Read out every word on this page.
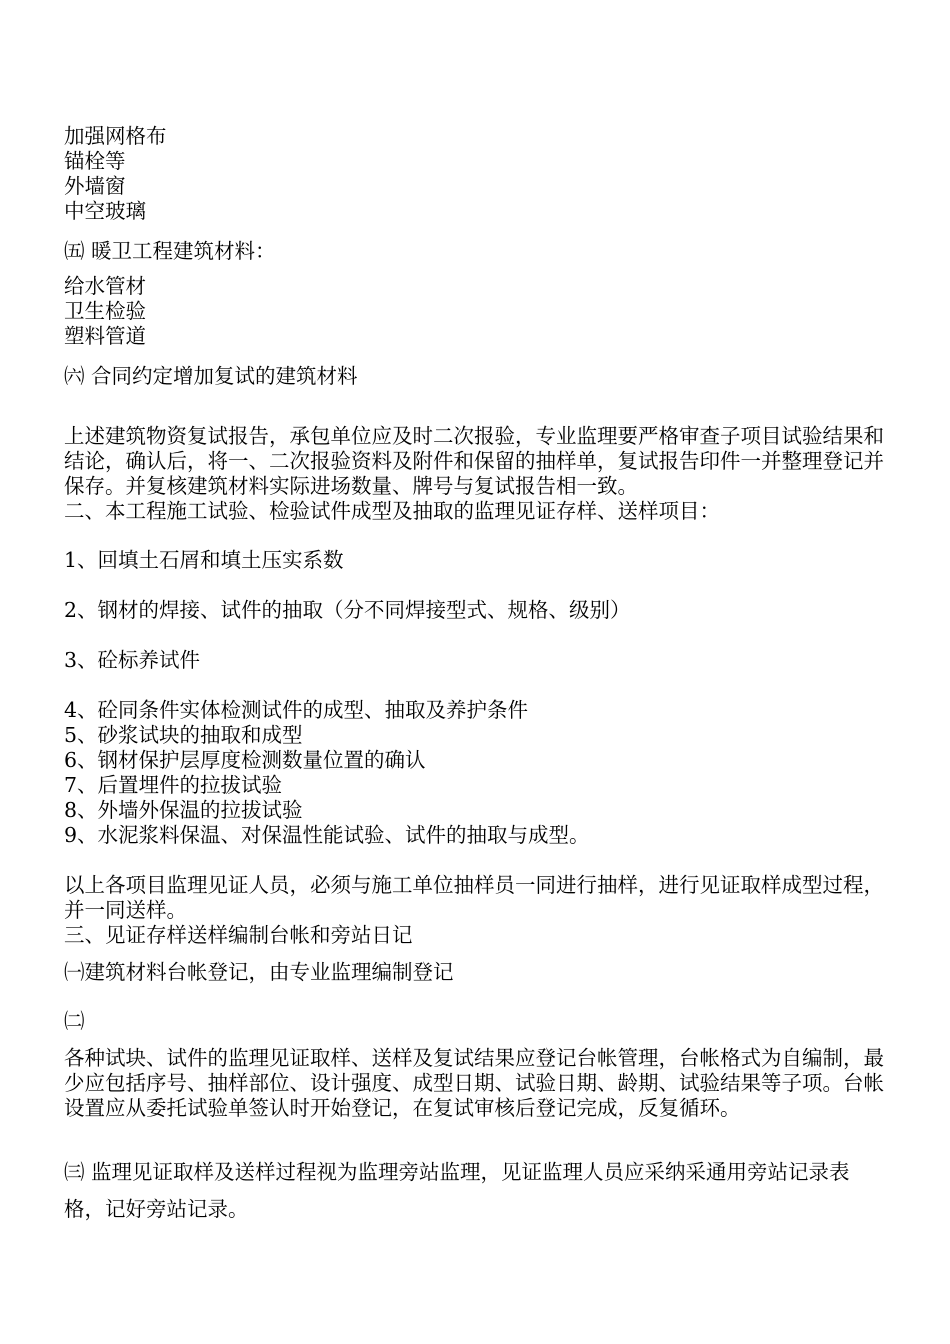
加强网格布
锚栓等
外墙窗
中空玻璃
㈤ 暖卫工程建筑材料：
给水管材
卫生检验
塑料管道
㈥ 合同约定增加复试的建筑材料
上述建筑物资复试报告，承包单位应及时二次报验，专业监理要严格审查子项目试验结果和结论，确认后，将一、二次报验资料及附件和保留的抽样单，复试报告印件一并整理登记并保存。并复核建筑材料实际进场数量、牌号与复试报告相一致。
二、本工程施工试验、检验试件成型及抽取的监理见证存样、送样项目：
1、回填土石屑和填土压实系数
2、钢材的焊接、试件的抽取（分不同焊接型式、规格、级别）
3、砼标养试件
4、砼同条件实体检测试件的成型、抽取及养护条件
5、砂浆试块的抽取和成型
6、钢材保护层厚度检测数量位置的确认
7、后置埋件的拉拔试验
8、外墙外保温的拉拔试验
9、水泥浆料保温、对保温性能试验、试件的抽取与成型。
以上各项目监理见证人员，必须与施工单位抽样员一同进行抽样，进行见证取样成型过程，并一同送样。
三、见证存样送样编制台帐和旁站日记
㈠建筑材料台帐登记，由专业监理编制登记
㈡
各种试块、试件的监理见证取样、送样及复试结果应登记台帐管理，台帐格式为自编制，最少应包括序号、抽样部位、设计强度、成型日期、试验日期、龄期、试验结果等子项。台帐设置应从委托试验单签认时开始登记，在复试审核后登记完成，反复循环。
㈢ 监理见证取样及送样过程视为监理旁站监理，见证监理人员应采纳采通用旁站记录表格，记好旁站记录。
